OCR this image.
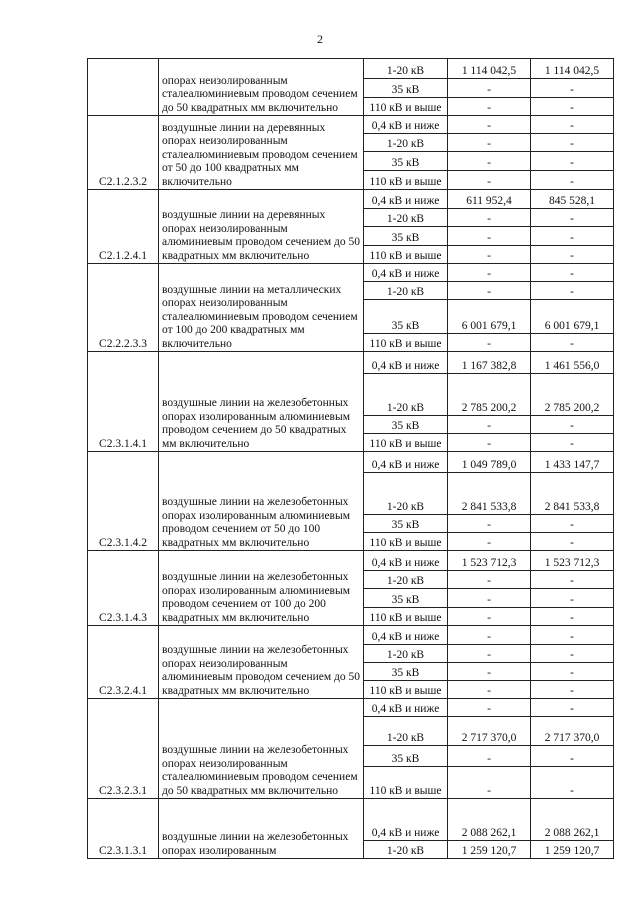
2
	опорах неизолированным сталеалюминиевым проводом сечением до 50 квадратных мм включительно	1-20 кВ	1 114 042,5	1 114 042,5
		35 кВ	-	-
		110 кВ и выше	-	-
С2.1.2.3.2	воздушные линии на деревянных опорах неизолированным сталеалюминиевым проводом сечением от 50 до 100 квадратных мм включительно	0,4 кВ и ниже	-	-
		1-20 кВ	-	-
		35 кВ	-	-
		110 кВ и выше	-	-
С2.1.2.4.1	воздушные линии на деревянных опорах неизолированным алюминиевым проводом сечением до 50 квадратных мм включительно	0,4 кВ и ниже	611 952,4	845 528,1
		1-20 кВ	-	-
		35 кВ	-	-
		110 кВ и выше	-	-
С2.2.2.3.3	воздушные линии на металлических опорах неизолированным сталеалюминиевым проводом сечением от 100 до 200 квадратных мм включительно	0,4 кВ и ниже	-	-
		1-20 кВ	-	-
		35 кВ	6 001 679,1	6 001 679,1
		110 кВ и выше	-	-
С2.3.1.4.1	воздушные линии на железобетонных опорах изолированным алюминиевым проводом сечением до 50 квадратных мм включительно	0,4 кВ и ниже	1 167 382,8	1 461 556,0
		1-20 кВ	2 785 200,2	2 785 200,2
		35 кВ	-	-
		110 кВ и выше	-	-
С2.3.1.4.2	воздушные линии на железобетонных опорах изолированным алюминиевым проводом сечением от 50 до 100 квадратных мм включительно	0,4 кВ и ниже	1 049 789,0	1 433 147,7
		1-20 кВ	2 841 533,8	2 841 533,8
		35 кВ	-	-
		110 кВ и выше	-	-
С2.3.1.4.3	воздушные линии на железобетонных опорах изолированным алюминиевым проводом сечением от 100 до 200 квадратных мм включительно	0,4 кВ и ниже	1 523 712,3	1 523 712,3
		1-20 кВ	-	-
		35 кВ	-	-
		110 кВ и выше	-	-
С2.3.2.4.1	воздушные линии на железобетонных опорах неизолированным алюминиевым проводом сечением до 50 квадратных мм включительно	0,4 кВ и ниже	-	-
		1-20 кВ	-	-
		35 кВ	-	-
		110 кВ и выше	-	-
С2.3.2.3.1	воздушные линии на железобетонных опорах неизолированным сталеалюминиевым проводом сечением до 50 квадратных мм включительно	0,4 кВ и ниже	-	-
		1-20 кВ	2 717 370,0	2 717 370,0
		35 кВ	-	-
		110 кВ и выше	-	-
С2.3.1.3.1	воздушные линии на железобетонных опорах изолированным	0,4 кВ и ниже	2 088 262,1	2 088 262,1
		1-20 кВ	1 259 120,7	1 259 120,7
